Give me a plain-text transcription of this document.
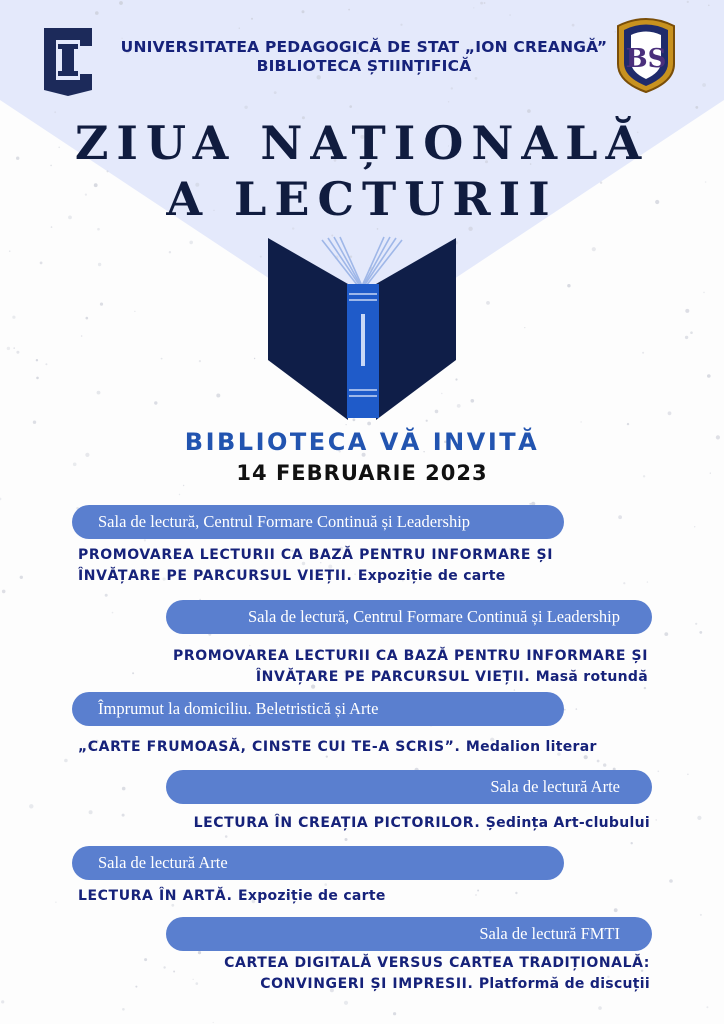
BS
UNIVERSITATEA PEDAGOGICĂ DE STAT „ION CREANGĂ”
BIBLIOTECA ȘTIINȚIFICĂ
ZIUA NAȚIONALĂ
A LECTURII
BIBLIOTECA VĂ INVITĂ
14 FEBRUARIE 2023
Sala de lectură, Centrul Formare Continuă și Leadership
PROMOVAREA LECTURII CA BAZĂ PENTRU INFORMARE ȘI
ÎNVĂȚARE PE PARCURSUL VIEȚII. Expoziție de carte
Sala de lectură, Centrul Formare Continuă și Leadership
PROMOVAREA LECTURII CA BAZĂ PENTRU INFORMARE ȘI
ÎNVĂȚARE PE PARCURSUL VIEȚII. Masă rotundă
Împrumut la domiciliu. Beletristică și Arte
„CARTE FRUMOASĂ, CINSTE CUI TE-A SCRIS”. Medalion literar
Sala de lectură Arte
LECTURA ÎN CREAȚIA PICTORILOR. Ședința Art-clubului
Sala de lectură Arte
LECTURA ÎN ARTĂ. Expoziție de carte
Sala de lectură FMTI
CARTEA DIGITALĂ VERSUS CARTEA TRADIȚIONALĂ:
CONVINGERI ȘI IMPRESII. Platformă de discuții
